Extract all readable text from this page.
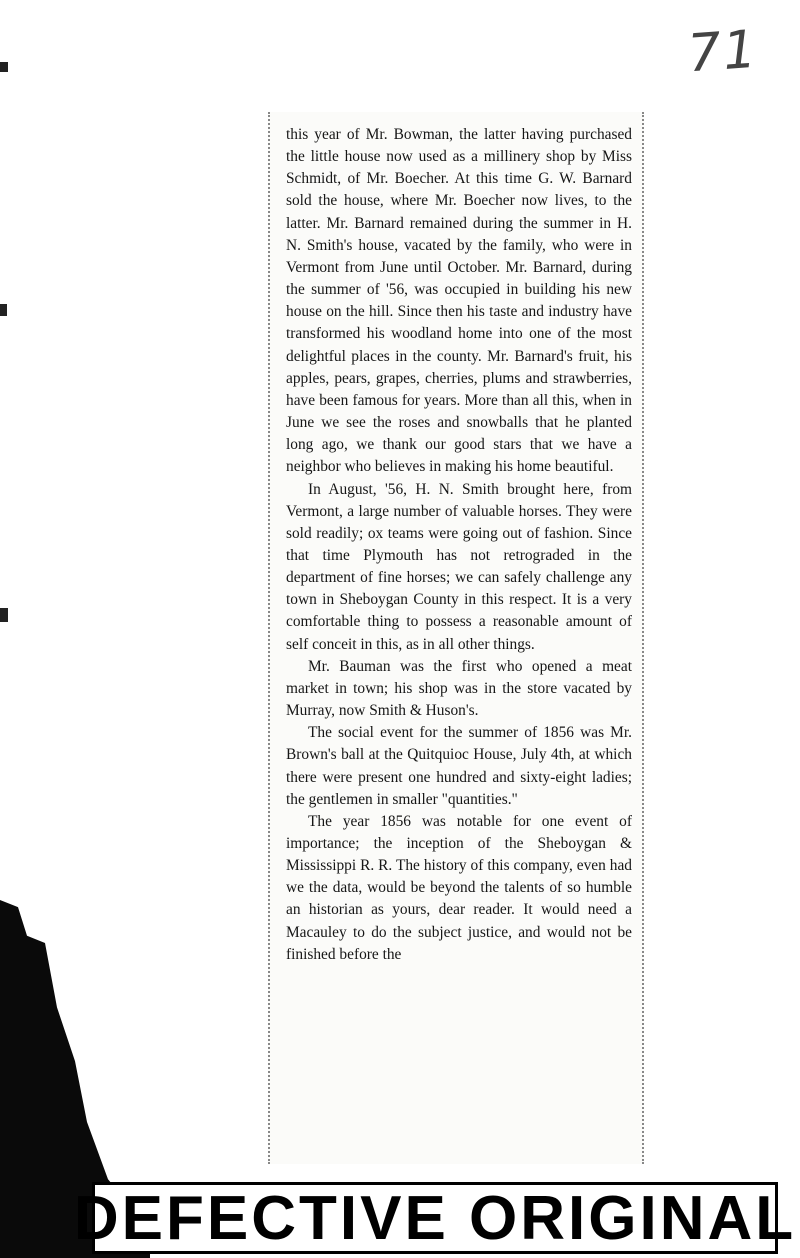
71

this year of Mr. Bowman, the latter having purchased the little house now used as a millinery shop by Miss Schmidt, of Mr. Boecher. At this time G. W. Barnard sold the house, where Mr. Boecher now lives, to the latter. Mr. Barnard remained during the summer in H. N. Smith's house, vacated by the family, who were in Vermont from June until October. Mr. Barnard, during the summer of '56, was occupied in building his new house on the hill. Since then his taste and industry have transformed his woodland home into one of the most delightful places in the county. Mr. Barnard's fruit, his apples, pears, grapes, cherries, plums and strawberries, have been famous for years. More than all this, when in June we see the roses and snowballs that he planted long ago, we thank our good stars that we have a neighbor who believes in making his home beautiful.

In August, '56, H. N. Smith brought here, from Vermont, a large number of valuable horses. They were sold readily; ox teams were going out of fashion. Since that time Plymouth has not retrograded in the department of fine horses; we can safely challenge any town in Sheboygan County in this respect. It is a very comfortable thing to possess a reasonable amount of self conceit in this, as in all other things.

Mr. Bauman was the first who opened a meat market in town; his shop was in the store vacated by Murray, now Smith & Huson's.

The social event for the summer of 1856 was Mr. Brown's ball at the Quitquioc House, July 4th, at which there were present one hundred and sixty-eight ladies; the gentlemen in smaller "quantities."

The year 1856 was notable for one event of importance; the inception of the Sheboygan & Mississippi R. R. The history of this company, even had we the data, would be beyond the talents of so humble an historian as yours, dear reader. It would need a Macauley to do the subject justice, and would not be finished before the

DEFECTIVE ORIGINAL
